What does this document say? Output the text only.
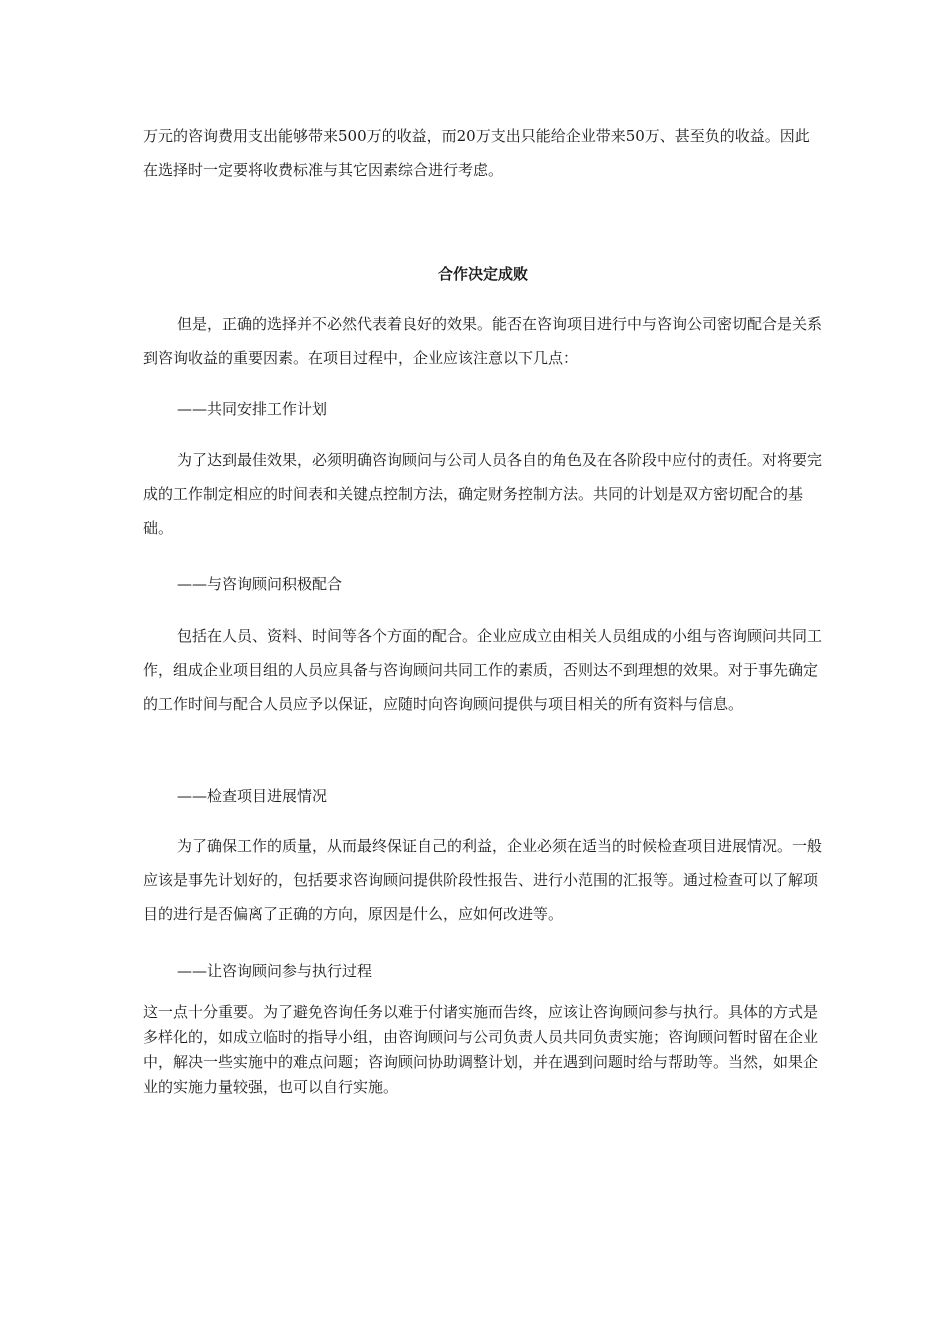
万元的咨询费用支出能够带来500万的收益，而20万支出只能给企业带来50万、甚至负的收益。因此在选择时一定要将收费标准与其它因素综合进行考虑。

合作决定成败

但是，正确的选择并不必然代表着良好的效果。能否在咨询项目进行中与咨询公司密切配合是关系到咨询收益的重要因素。在项目过程中，企业应该注意以下几点：

——共同安排工作计划

为了达到最佳效果，必须明确咨询顾问与公司人员各自的角色及在各阶段中应付的责任。对将要完成的工作制定相应的时间表和关键点控制方法，确定财务控制方法。共同的计划是双方密切配合的基础。

——与咨询顾问积极配合

包括在人员、资料、时间等各个方面的配合。企业应成立由相关人员组成的小组与咨询顾问共同工作，组成企业项目组的人员应具备与咨询顾问共同工作的素质，否则达不到理想的效果。对于事先确定的工作时间与配合人员应予以保证，应随时向咨询顾问提供与项目相关的所有资料与信息。

——检查项目进展情况

为了确保工作的质量，从而最终保证自己的利益，企业必须在适当的时候检查项目进展情况。一般应该是事先计划好的，包括要求咨询顾问提供阶段性报告、进行小范围的汇报等。通过检查可以了解项目的进行是否偏离了正确的方向，原因是什么，应如何改进等。

——让咨询顾问参与执行过程

这一点十分重要。为了避免咨询任务以难于付诸实施而告终，应该让咨询顾问参与执行。具体的方式是多样化的，如成立临时的指导小组，由咨询顾问与公司负责人员共同负责实施；咨询顾问暂时留在企业中，解决一些实施中的难点问题；咨询顾问协助调整计划，并在遇到问题时给与帮助等。当然，如果企业的实施力量较强，也可以自行实施。
